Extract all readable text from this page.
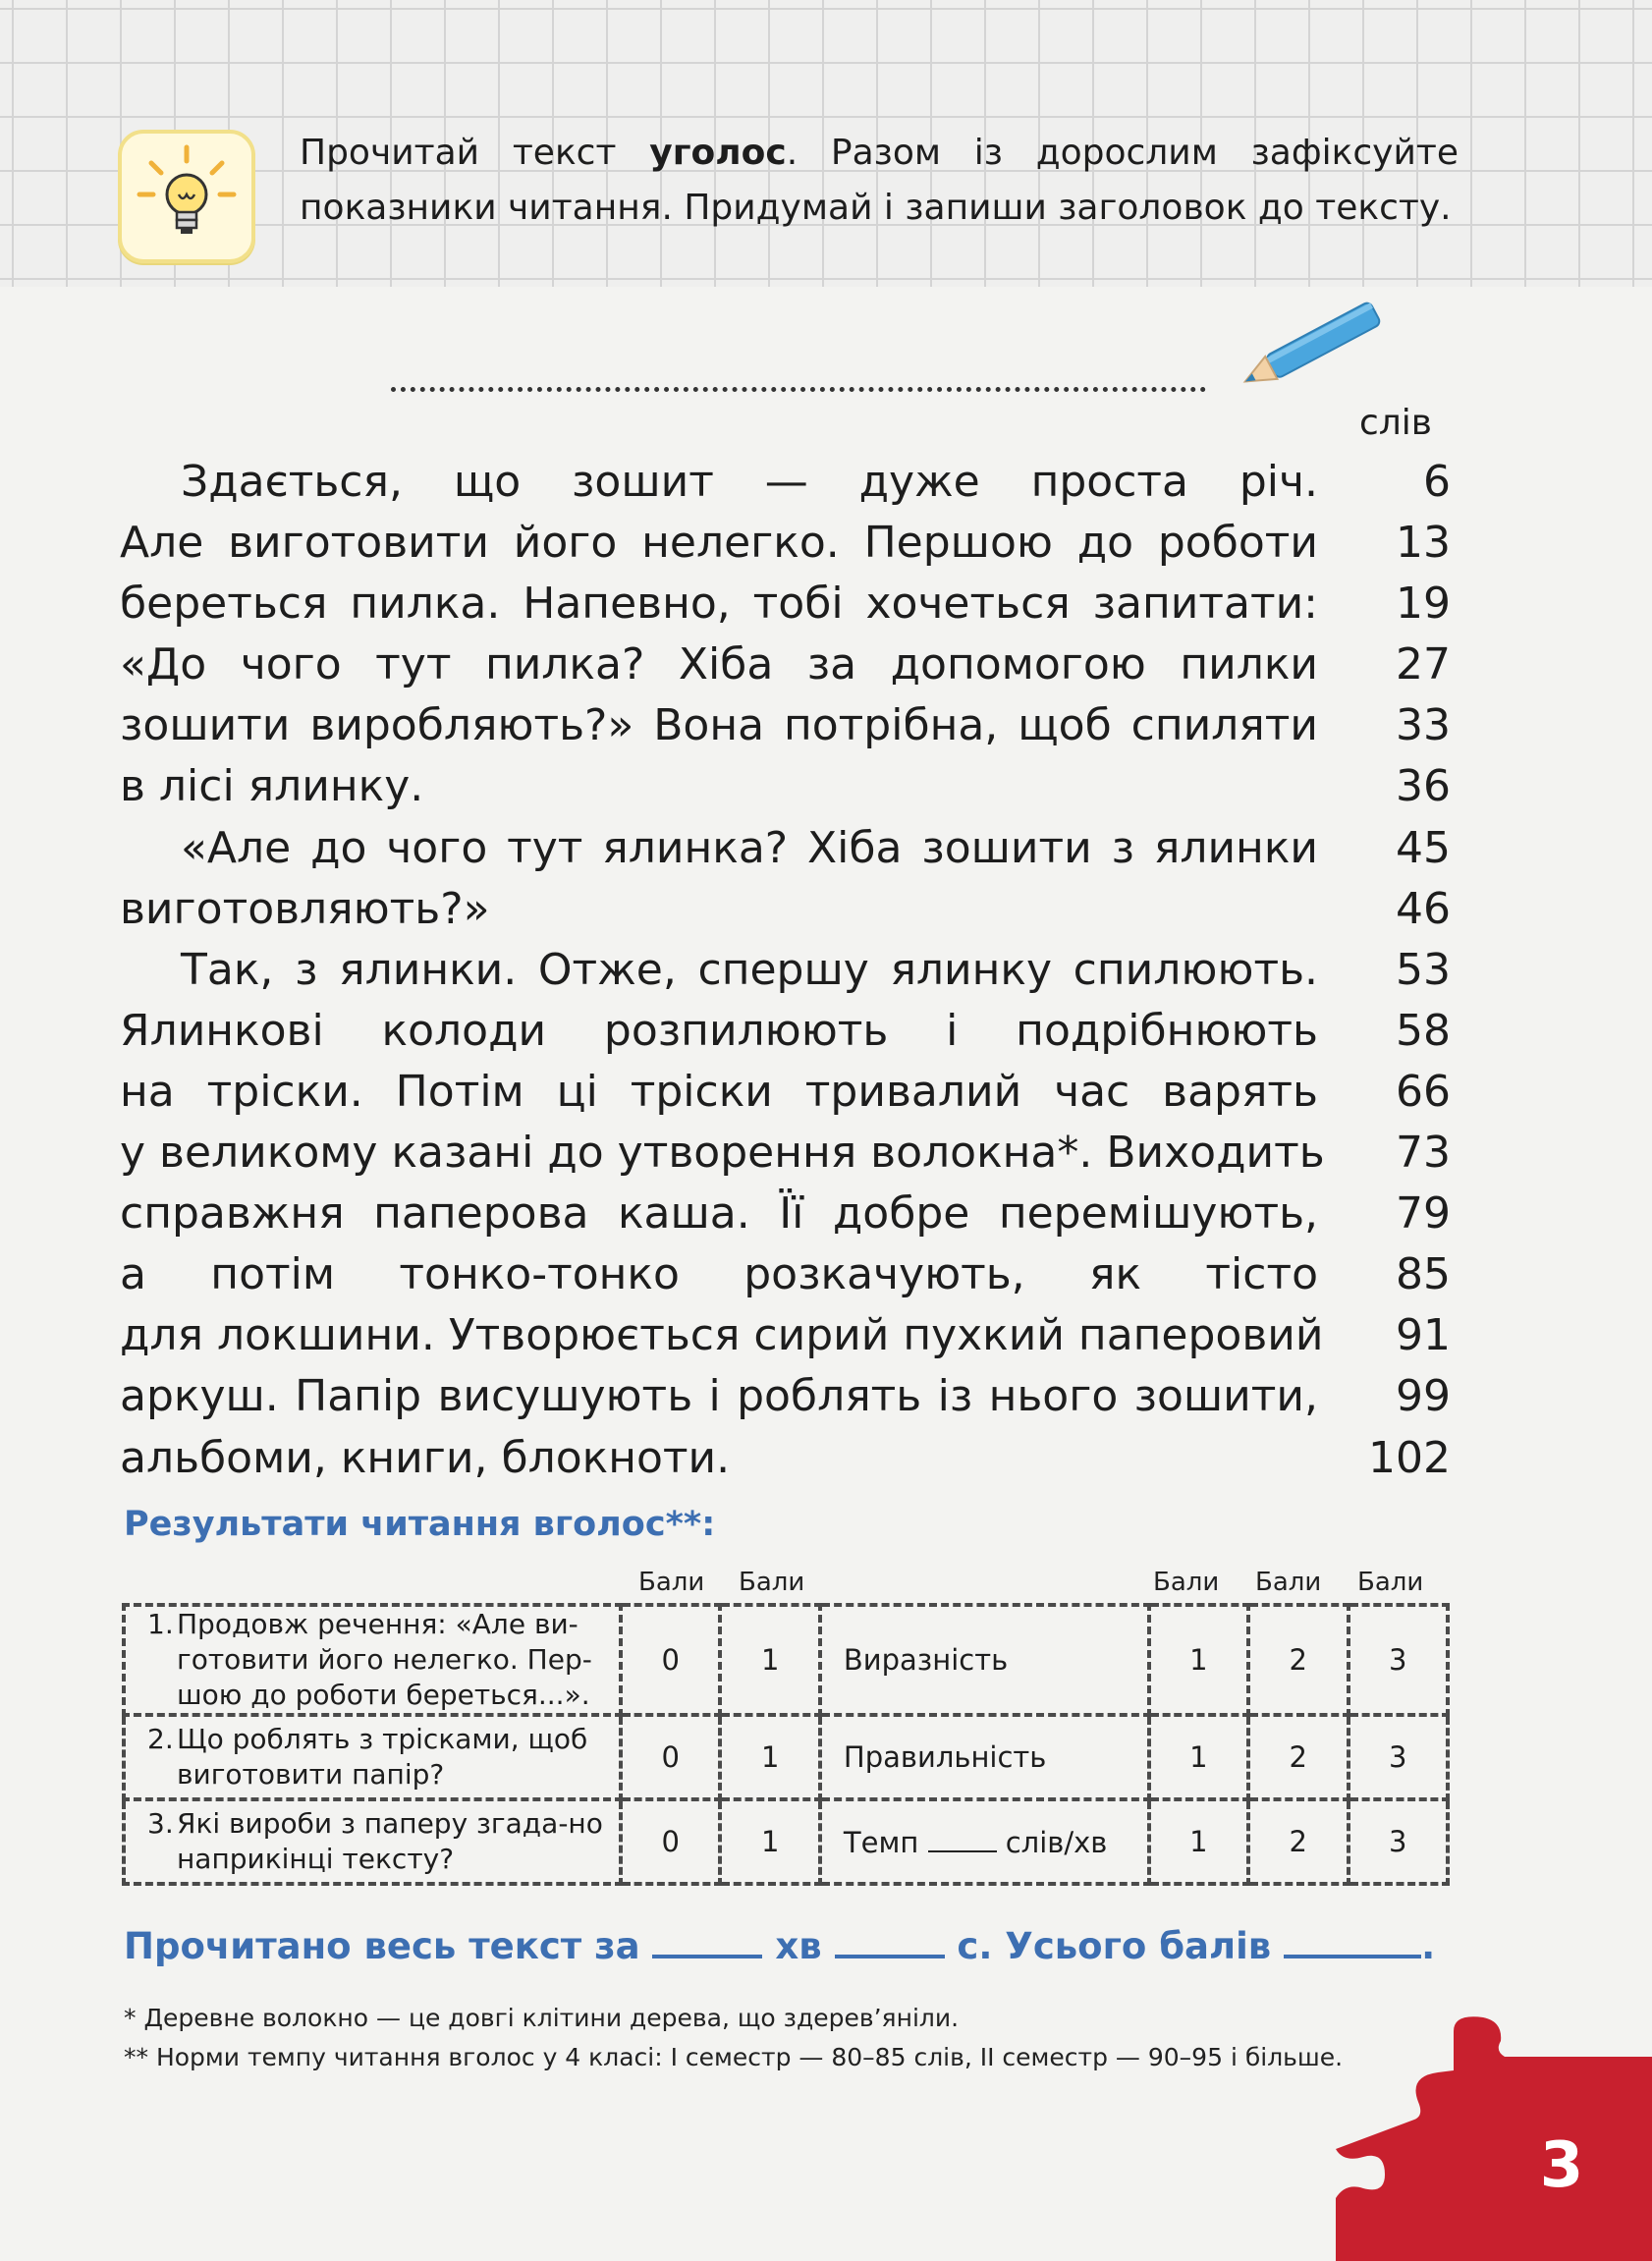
Прочитай текст уголос. Разом із дорослим зафіксуйте показники читання. Придумай і запиши заголовок до тексту.
слів
Здається, що зошит — дуже проста річ.	6
Але виготовити його нелегко. Першою до роботи	13
береться пилка. Напевно, тобі хочеться запитати:	19
«До чого тут пилка? Хіба за допомогою пилки	27
зошити виробляють?» Вона потрібна, щоб спиляти	33
в лісі ялинку.	36
«Але до чого тут ялинка? Хіба зошити з ялинки	45
виготовляють?»	46
Так, з ялинки. Отже, спершу ялинку спилюють.	53
Ялинкові колоди розпилюють і подрібнюють	58
на тріски. Потім ці тріски тривалий час варять	66
у великому казані до утворення волокна*. Виходить	73
справжня паперова каша. Її добре перемішують,	79
а потім тонко-тонко розкачують, як тісто	85
для локшини. Утворюється сирий пухкий паперовий	91
аркуш. Папір висушують і роблять із нього зошити,	99
альбоми, книги, блокноти.	102
Результати читання вголос**:
Бали Бали	Бали Бали Бали
1. Продовж речення: «Але ви-готовити його нелегко. Пер-шою до роботи береться...».	0	1	Виразність	1	2	3

2. Що роблять з трісками, щоб виготовити папір?	0	1	Правильність	1	2	3

3. Які вироби з паперу згада-но наприкінці тексту?	0	1	Темп слів/хв	1	2	3
Прочитано весь текст за	хв	с. Усього балів	.
* Деревне волокно — це довгі клітини дерева, що здерев’яніли.
** Норми темпу читання вголос у 4 класі: І семестр — 80–85 слів, ІІ семестр — 90–95 і більше.
3
